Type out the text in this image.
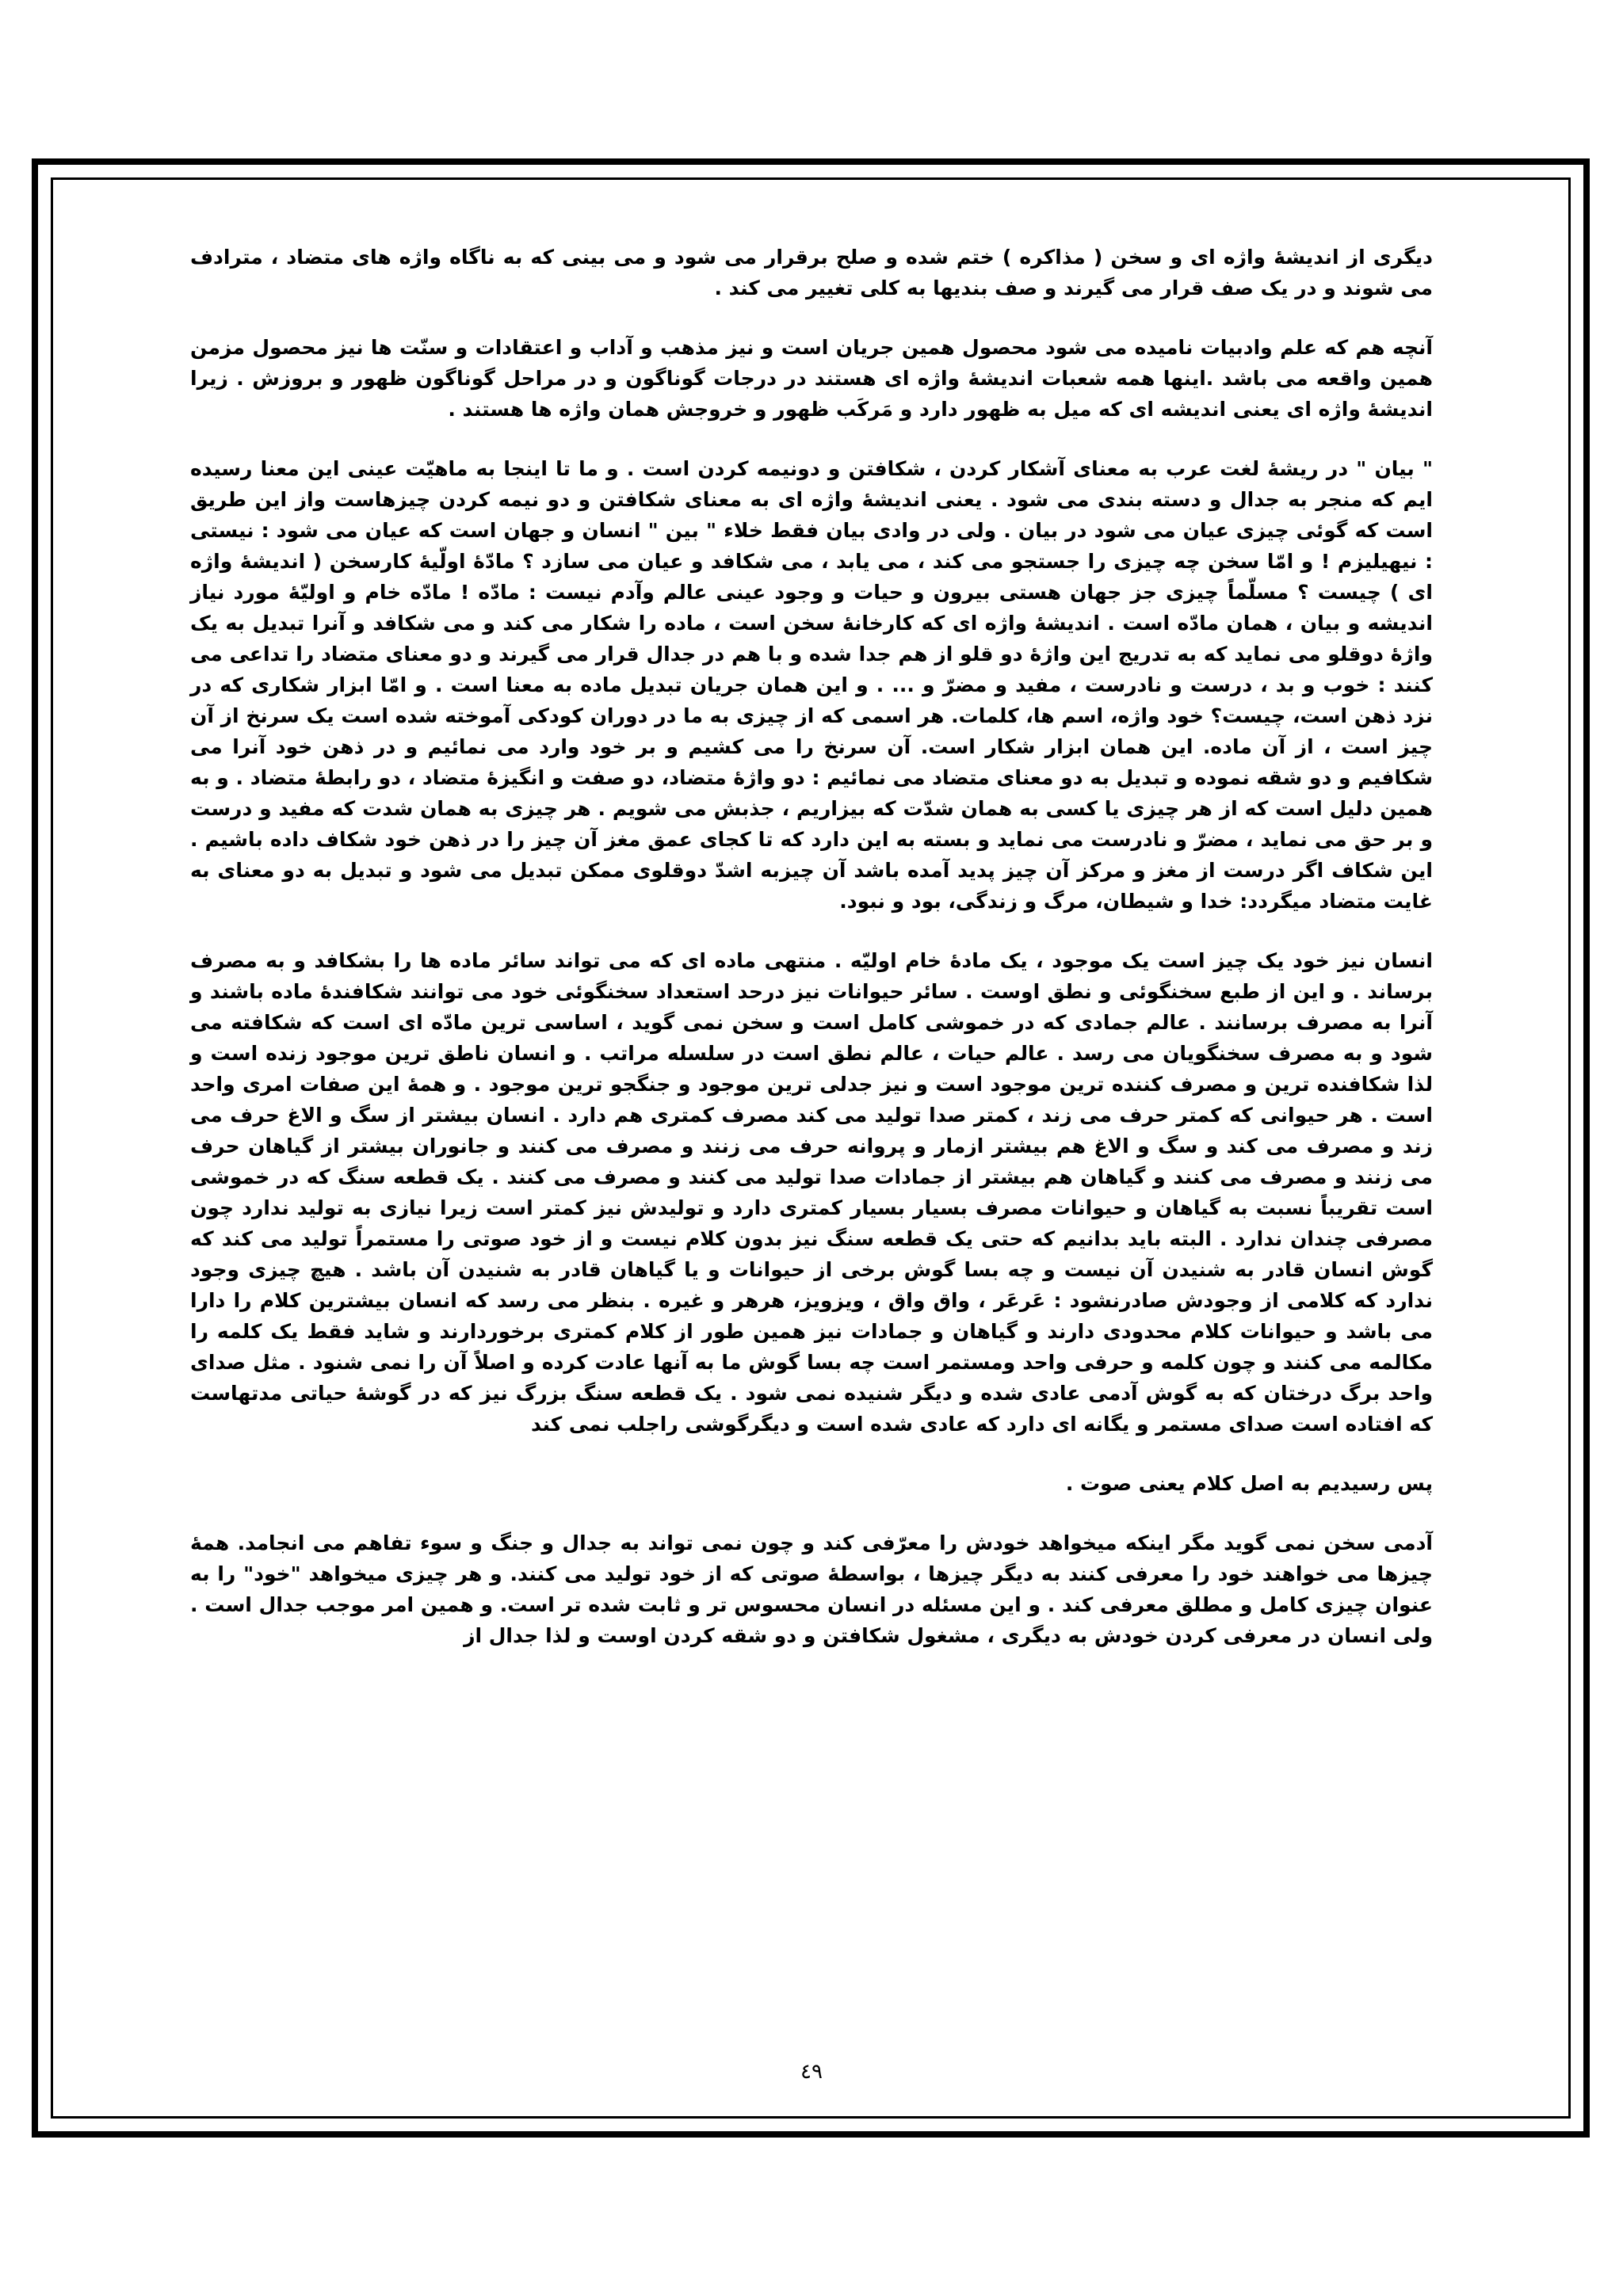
دیگری از اندیشهٔ واژه ای و سخن ( مذاکره ) ختم شده و صلح برقرار می شود و می بینی که به ناگاه واژه های متضاد ، مترادف می شوند و در یک صف قرار می گیرند و صف بندیها به کلی تغییر می کند .

آنچه هم که علم وادبیات نامیده می شود محصول همین جریان است و نیز مذهب و آداب و اعتقادات و سنّت ها نیز محصول مزمن همین واقعه می باشد .اینها همه شعبات اندیشهٔ واژه ای هستند در درجات گوناگون و در مراحل گوناگون ظهور و بروزش . زیرا اندیشهٔ واژه ای یعنی اندیشه ای که میل به ظهور دارد و مَرکَب ظهور و خروجش همان واژه ها هستند .

" بیان " در ریشهٔ لغت عرب به معنای آشکار کردن ، شکافتن و دونیمه کردن است . و ما تا اینجا به ماهیّت عینی این معنا رسیده ایم که منجر به جدال و دسته بندی می شود . یعنی اندیشهٔ واژه ای به معنای شکافتن و دو نیمه کردن چیزهاست واز این طریق است که گوئی چیزی عیان می شود در بیان . ولی در وادی بیان فقط خلاء " بین " انسان و جهان است که عیان می شود : نیستی : نیهیلیزم ! و امّا سخن چه چیزی را جستجو می کند ، می یابد ، می شکافد و عیان می سازد ؟ مادّهٔ اولّیهٔ کارسخن ( اندیشهٔ واژه ای ) چیست ؟ مسلّماً چیزی جز جهان هستی بیرون و حیات و وجود عینی عالم وآدم نیست : مادّه ! مادّه خام و اولیّهٔ مورد نیاز اندیشه و بیان ، همان مادّه است . اندیشهٔ واژه ای که کارخانهٔ سخن است ، ماده را شکار می کند و می شکافد و آنرا تبدیل به یک واژهٔ دوقلو می نماید که به تدریج این واژهٔ دو قلو از هم جدا شده و با هم در جدال قرار می گیرند و دو معنای متضاد را تداعی می کنند : خوب و بد ، درست و نادرست ، مفید و مضرّ و ... . و این همان جریان تبدیل ماده به معنا است . و امّا ابزار شکاری که در نزد ذهن است، چیست؟ خود واژه، اسم ها، کلمات. هر اسمی که از چیزی به ما در دوران کودکی آموخته شده است یک سرنخ از آن چیز است ، از آن ماده. این همان ابزار شکار است. آن سرنخ را می کشیم و بر خود وارد می نمائیم و در ذهن خود آنرا می شکافیم و دو شقه نموده و تبدیل به دو معنای متضاد می نمائیم : دو واژهٔ متضاد، دو صفت و انگیزهٔ متضاد ، دو رابطهٔ متضاد . و به همین دلیل است که از هر چیزی یا کسی به همان شدّت که بیزاریم ، جذبش می شویم . هر چیزی به همان شدت که مفید و درست و بر حق می نماید ، مضرّ و نادرست می نماید و بسته به این دارد که تا کجای عمق مغز آن چیز را در ذهن خود شکاف داده باشیم . این شکاف اگر درست از مغز و مرکز آن چیز پدید آمده باشد آن چیزبه اشدّ دوقلوی ممکن تبدیل می شود و تبدیل به دو معنای به غایت متضاد میگردد: خدا و شیطان، مرگ و زندگی، بود و نبود.

انسان نیز خود یک چیز است یک موجود ، یک مادهٔ خام اولیّه . منتهی ماده ای که می تواند سائر ماده ها را بشکافد و به مصرف برساند . و این از طبع سخنگوئی و نطق اوست . سائر حیوانات نیز درحد استعداد سخنگوئی خود می توانند شکافندهٔ ماده باشند و آنرا به مصرف برسانند . عالم جمادی که در خموشی کامل است و سخن نمی گوید ، اساسی ترین مادّه ای است که شکافته می شود و به مصرف سخنگویان می رسد . عالم حیات ، عالم نطق است در سلسله مراتب . و انسان ناطق ترین موجود زنده است و لذا شکافنده ترین و مصرف کننده ترین موجود است و نیز جدلی ترین موجود و جنگجو ترین موجود . و همهٔ این صفات امری واحد است . هر حیوانی که کمتر حرف می زند ، کمتر صدا تولید می کند مصرف کمتری هم دارد . انسان بیشتر از سگ و الاغ حرف می زند و مصرف می کند و سگ و الاغ هم بیشتر ازمار و پروانه حرف می زنند و مصرف می کنند و جانوران بیشتر از گیاهان حرف می زنند و مصرف می کنند و گیاهان هم بیشتر از جمادات صدا تولید می کنند و مصرف می کنند . یک قطعه سنگ که در خموشی است تقریباً نسبت به گیاهان و حیوانات مصرف بسیار بسیار کمتری دارد و تولیدش نیز کمتر است زیرا نیازی به تولید ندارد چون مصرفی چندان ندارد . البته باید بدانیم که حتی یک قطعه سنگ نیز بدون کلام نیست و از خود صوتی را مستمراً تولید می کند که گوش انسان قادر به شنیدن آن نیست و چه بسا گوش برخی از حیوانات و یا گیاهان قادر به شنیدن آن باشد . هیچ چیزی وجود ندارد که کلامی از وجودش صادرنشود : عَرعَر ، واق واق ، ویزویز، هرهر و غیره . بنظر می رسد که انسان بیشترین کلام را دارا می باشد و حیوانات کلام محدودی دارند و گیاهان و جمادات نیز همین طور از کلام کمتری برخوردارند و شاید فقط یک کلمه را مکالمه می کنند و چون کلمه و حرفی واحد ومستمر است چه بسا گوش ما به آنها عادت کرده و اصلاً آن را نمی شنود . مثل صدای واحد برگ درختان که به گوش آدمی عادی شده و دیگر شنیده نمی شود . یک قطعه سنگ بزرگ نیز که در گوشهٔ حیاتی مدتهاست که افتاده است صدای مستمر و یگانه ای دارد که عادی شده است و دیگرگوشی راجلب نمی کند

پس رسیدیم به اصل کلام یعنی صوت .

آدمی سخن نمی گوید مگر اینکه میخواهد خودش را معرّفی کند و چون نمی تواند به جدال و جنگ و سوء تفاهم می انجامد. همهٔ چیزها می خواهند خود را معرفی کنند به دیگر چیزها ، بواسطهٔ صوتی که از خود تولید می کنند. و هر چیزی میخواهد "خود" را به عنوان چیزی کامل و مطلق معرفی کند . و این مسئله در انسان محسوس تر و ثابت شده تر است. و همین امر موجب جدال است . ولی انسان در معرفی کردن خودش به دیگری ، مشغول شکافتن و دو شقه کردن اوست و لذا جدال از

٤٩
